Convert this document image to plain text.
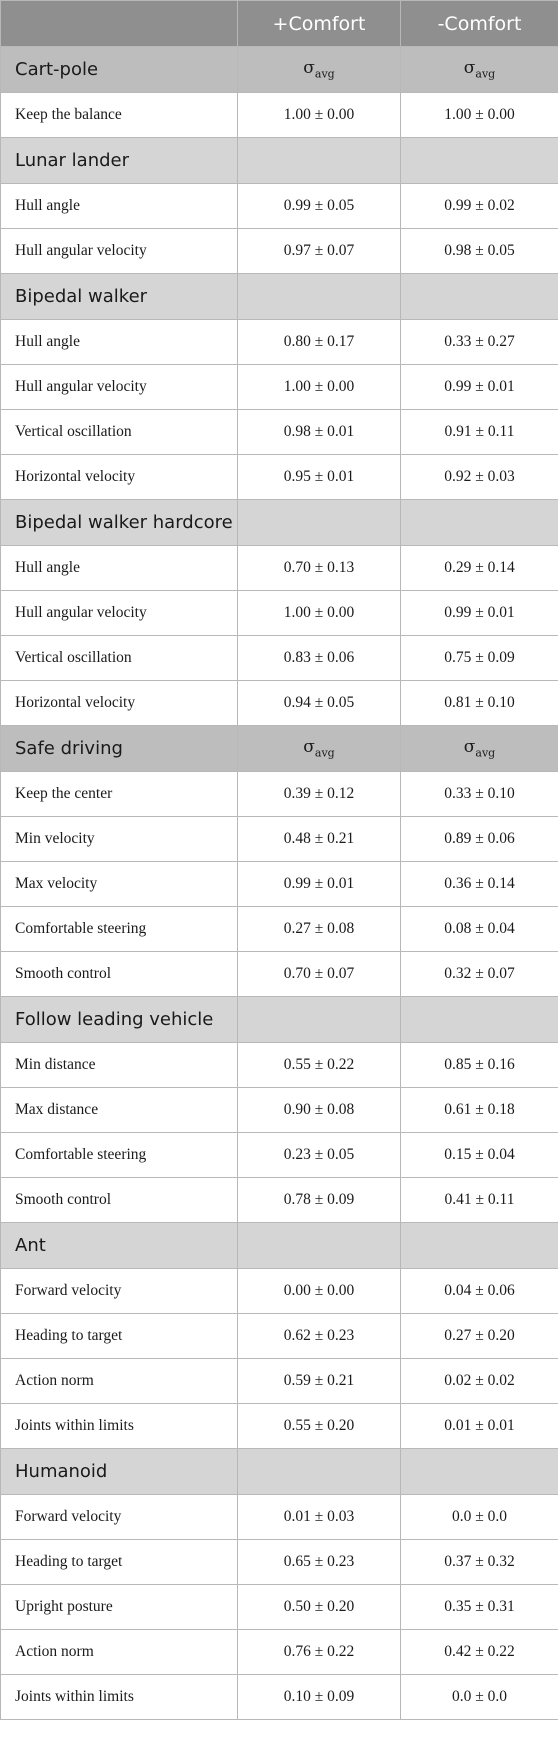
	+Comfort	-Comfort
Cart-pole	$\sigma_{avg}$	$\sigma_{avg}$
Keep the balance	1.00 ± 0.00	1.00 ± 0.00
Lunar lander		
Hull angle	0.99 ± 0.05	0.99 ± 0.02
Hull angular velocity	0.97 ± 0.07	0.98 ± 0.05
Bipedal walker		
Hull angle	0.80 ± 0.17	0.33 ± 0.27
Hull angular velocity	1.00 ± 0.00	0.99 ± 0.01
Vertical oscillation	0.98 ± 0.01	0.91 ± 0.11
Horizontal velocity	0.95 ± 0.01	0.92 ± 0.03
Bipedal walker hardcore		
Hull angle	0.70 ± 0.13	0.29 ± 0.14
Hull angular velocity	1.00 ± 0.00	0.99 ± 0.01
Vertical oscillation	0.83 ± 0.06	0.75 ± 0.09
Horizontal velocity	0.94 ± 0.05	0.81 ± 0.10
Safe driving	$\sigma_{avg}$	$\sigma_{avg}$
Keep the center	0.39 ± 0.12	0.33 ± 0.10
Min velocity	0.48 ± 0.21	0.89 ± 0.06
Max velocity	0.99 ± 0.01	0.36 ± 0.14
Comfortable steering	0.27 ± 0.08	0.08 ± 0.04
Smooth control	0.70 ± 0.07	0.32 ± 0.07
Follow leading vehicle		
Min distance	0.55 ± 0.22	0.85 ± 0.16
Max distance	0.90 ± 0.08	0.61 ± 0.18
Comfortable steering	0.23 ± 0.05	0.15 ± 0.04
Smooth control	0.78 ± 0.09	0.41 ± 0.11
Ant		
Forward velocity	0.00 ± 0.00	0.04 ± 0.06
Heading to target	0.62 ± 0.23	0.27 ± 0.20
Action norm	0.59 ± 0.21	0.02 ± 0.02
Joints within limits	0.55 ± 0.20	0.01 ± 0.01
Humanoid		
Forward velocity	0.01 ± 0.03	0.0 ± 0.0
Heading to target	0.65 ± 0.23	0.37 ± 0.32
Upright posture	0.50 ± 0.20	0.35 ± 0.31
Action norm	0.76 ± 0.22	0.42 ± 0.22
Joints within limits	0.10 ± 0.09	0.0 ± 0.0
